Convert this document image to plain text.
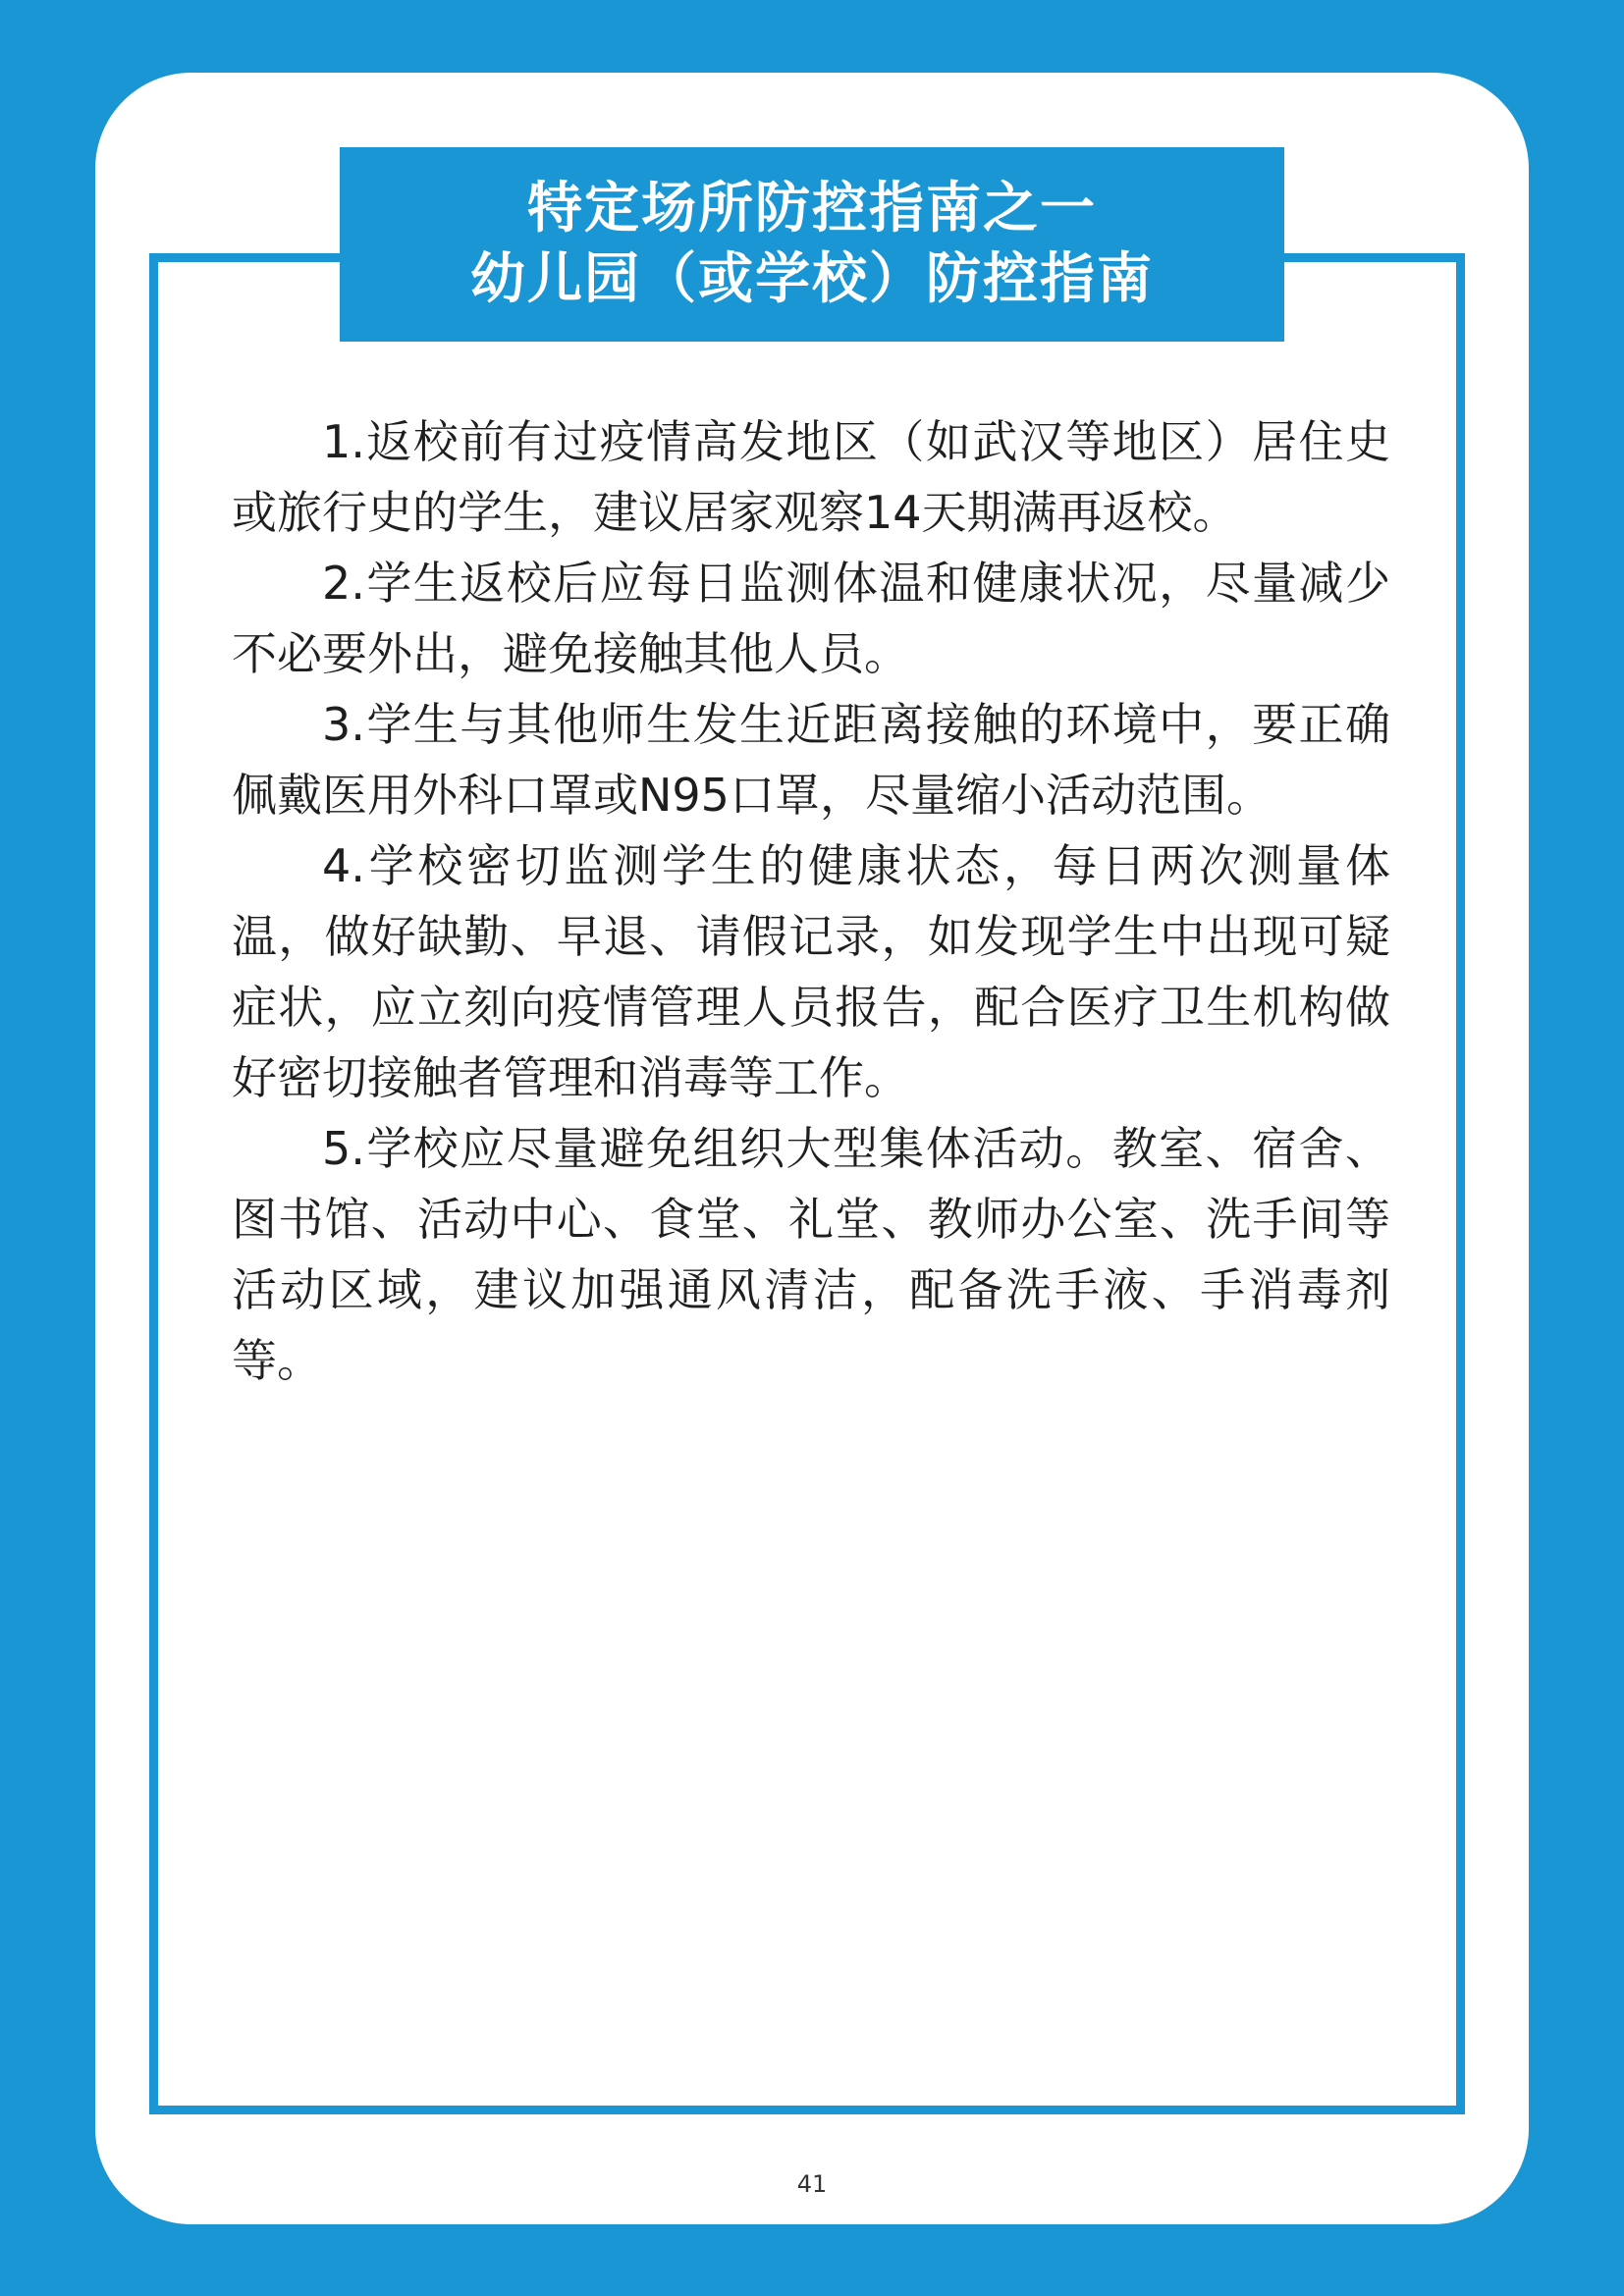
特定场所防控指南之一
幼儿园（或学校）防控指南

1.返校前有过疫情高发地区（如武汉等地区）居住史或旅行史的学生，建议居家观察14天期满再返校。

2.学生返校后应每日监测体温和健康状况，尽量减少不必要外出，避免接触其他人员。

3.学生与其他师生发生近距离接触的环境中，要正确佩戴医用外科口罩或N95口罩，尽量缩小活动范围。

4.学校密切监测学生的健康状态，每日两次测量体温，做好缺勤、早退、请假记录，如发现学生中出现可疑症状，应立刻向疫情管理人员报告，配合医疗卫生机构做好密切接触者管理和消毒等工作。

5.学校应尽量避免组织大型集体活动。教室、宿舍、图书馆、活动中心、食堂、礼堂、教师办公室、洗手间等活动区域，建议加强通风清洁，配备洗手液、手消毒剂等。

41
